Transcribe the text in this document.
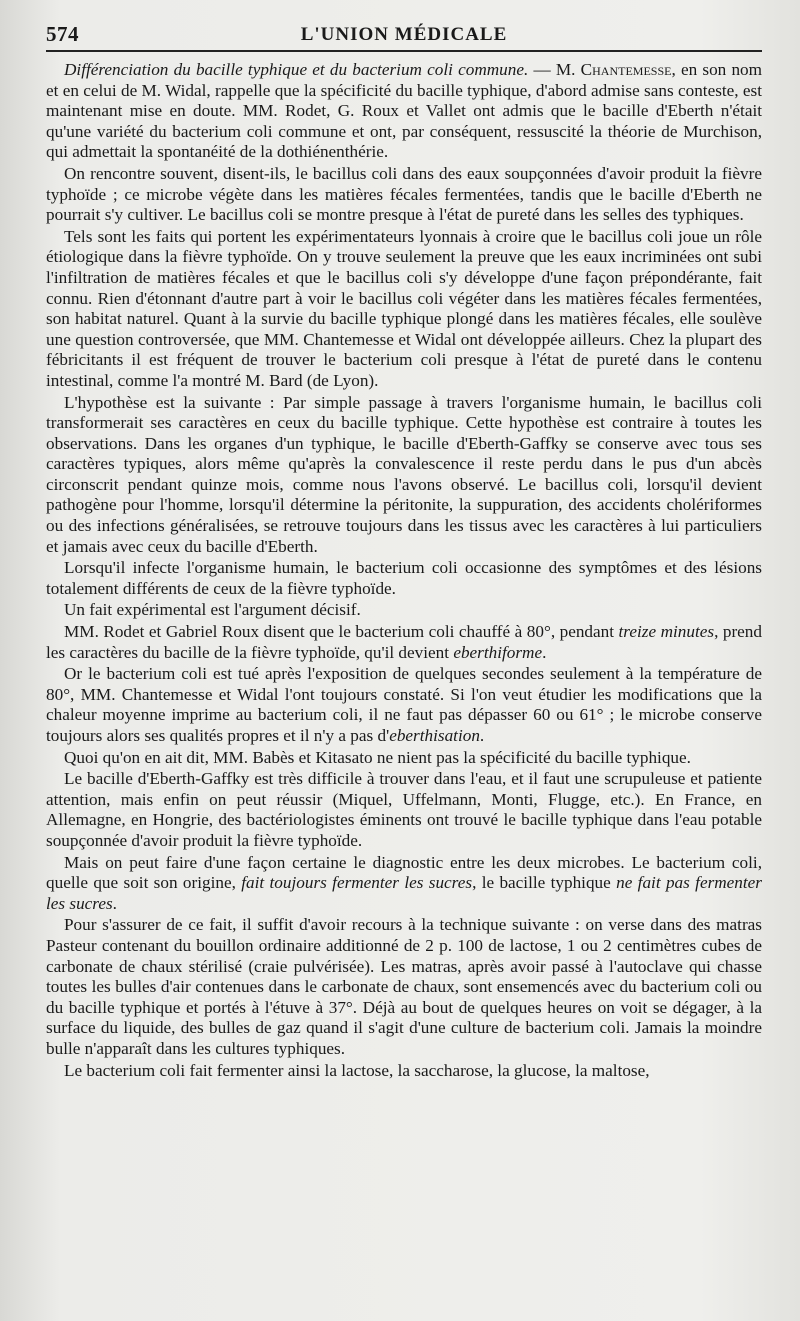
574	L'UNION MÉDICALE

Différenciation du bacille typhique et du bacterium coli commune. — M. Chantemesse, en son nom et en celui de M. Widal, rappelle que la spécificité du bacille typhique, d'abord admise sans conteste, est maintenant mise en doute. MM. Rodet, G. Roux et Vallet ont admis que le bacille d'Eberth n'était qu'une variété du bacterium coli commune et ont, par conséquent, ressuscité la théorie de Murchison, qui admettait la spontanéité de la dothiénenthérie.

On rencontre souvent, disent-ils, le bacillus coli dans des eaux soupçonnées d'avoir produit la fièvre typhoïde ; ce microbe végète dans les matières fécales fermentées, tandis que le bacille d'Eberth ne pourrait s'y cultiver. Le bacillus coli se montre presque à l'état de pureté dans les selles des typhiques.

Tels sont les faits qui portent les expérimentateurs lyonnais à croire que le bacillus coli joue un rôle étiologique dans la fièvre typhoïde. On y trouve seulement la preuve que les eaux incriminées ont subi l'infiltration de matières fécales et que le bacillus coli s'y développe d'une façon prépondérante, fait connu. Rien d'étonnant d'autre part à voir le bacillus coli végéter dans les matières fécales fermentées, son habitat naturel. Quant à la survie du bacille typhique plongé dans les matières fécales, elle soulève une question controversée, que MM. Chantemesse et Widal ont développée ailleurs. Chez la plupart des fébricitants il est fréquent de trouver le bacterium coli presque à l'état de pureté dans le contenu intestinal, comme l'a montré M. Bard (de Lyon).

L'hypothèse est la suivante : Par simple passage à travers l'organisme humain, le bacillus coli transformerait ses caractères en ceux du bacille typhique. Cette hypothèse est contraire à toutes les observations. Dans les organes d'un typhique, le bacille d'Eberth-Gaffky se conserve avec tous ses caractères typiques, alors même qu'après la convalescence il reste perdu dans le pus d'un abcès circonscrit pendant quinze mois, comme nous l'avons observé. Le bacillus coli, lorsqu'il devient pathogène pour l'homme, lorsqu'il détermine la péritonite, la suppuration, des accidents cholériformes ou des infections généralisées, se retrouve toujours dans les tissus avec les caractères à lui particuliers et jamais avec ceux du bacille d'Eberth.

Lorsqu'il infecte l'organisme humain, le bacterium coli occasionne des symptômes et des lésions totalement différents de ceux de la fièvre typhoïde.

Un fait expérimental est l'argument décisif.

MM. Rodet et Gabriel Roux disent que le bacterium coli chauffé à 80°, pendant treize minutes, prend les caractères du bacille de la fièvre typhoïde, qu'il devient eberthiforme.

Or le bacterium coli est tué après l'exposition de quelques secondes seulement à la température de 80°, MM. Chantemesse et Widal l'ont toujours constaté. Si l'on veut étudier les modifications que la chaleur moyenne imprime au bacterium coli, il ne faut pas dépasser 60 ou 61° ; le microbe conserve toujours alors ses qualités propres et il n'y a pas d'eberthisation.

Quoi qu'on en ait dit, MM. Babès et Kitasato ne nient pas la spécificité du bacille typhique.

Le bacille d'Eberth-Gaffky est très difficile à trouver dans l'eau, et il faut une scrupuleuse et patiente attention, mais enfin on peut réussir (Miquel, Uffelmann, Monti, Flugge, etc.). En France, en Allemagne, en Hongrie, des bactériologistes éminents ont trouvé le bacille typhique dans l'eau potable soupçonnée d'avoir produit la fièvre typhoïde.

Mais on peut faire d'une façon certaine le diagnostic entre les deux microbes. Le bacterium coli, quelle que soit son origine, fait toujours fermenter les sucres, le bacille typhique ne fait pas fermenter les sucres.

Pour s'assurer de ce fait, il suffit d'avoir recours à la technique suivante : on verse dans des matras Pasteur contenant du bouillon ordinaire additionné de 2 p. 100 de lactose, 1 ou 2 centimètres cubes de carbonate de chaux stérilisé (craie pulvérisée). Les matras, après avoir passé à l'autoclave qui chasse toutes les bulles d'air contenues dans le carbonate de chaux, sont ensemencés avec du bacterium coli ou du bacille typhique et portés à l'étuve à 37°. Déjà au bout de quelques heures on voit se dégager, à la surface du liquide, des bulles de gaz quand il s'agit d'une culture de bacterium coli. Jamais la moindre bulle n'apparaît dans les cultures typhiques.

Le bacterium coli fait fermenter ainsi la lactose, la saccharose, la glucose, la maltose,
